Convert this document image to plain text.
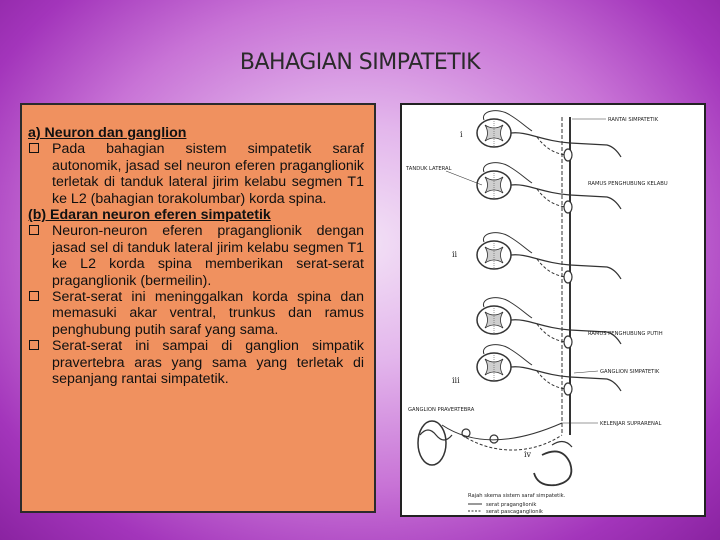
BAHAGIAN SIMPATETIK
a) Neuron dan ganglion
Pada bahagian sistem simpatetik saraf autonomik, jasad sel neuron eferen praganglionik terletak di tanduk lateral jirim kelabu segmen T1 ke L2 (bahagian torakolumbar) korda spina.
(b) Edaran neuron eferen simpatetik
Neuron-neuron eferen praganglionik dengan jasad sel di tanduk lateral jirim kelabu segmen T1 ke L2 korda spina memberikan serat-serat praganglionik (bermeilin).
Serat-serat ini meninggalkan korda spina dan memasuki akar ventral, trunkus dan ramus penghubung putih saraf yang sama.
Serat-serat ini sampai di ganglion simpatik pravertebra aras yang sama yang terletak di sepanjang rantai simpatetik.
RANTAI SIMPATETIK
TANDUK LATERAL
RAMUS PENGHUBUNG KELABU
RAMUS PENGHUBUNG PUTIH
GANGLION SIMPATETIK
GANGLION PRAVERTEBRA
KELENJAR SUPRARENAL
i
ii
iii
iv
Rajah skema sistem saraf simpatetik.
serat praganglionik
serat pascaganglionik
